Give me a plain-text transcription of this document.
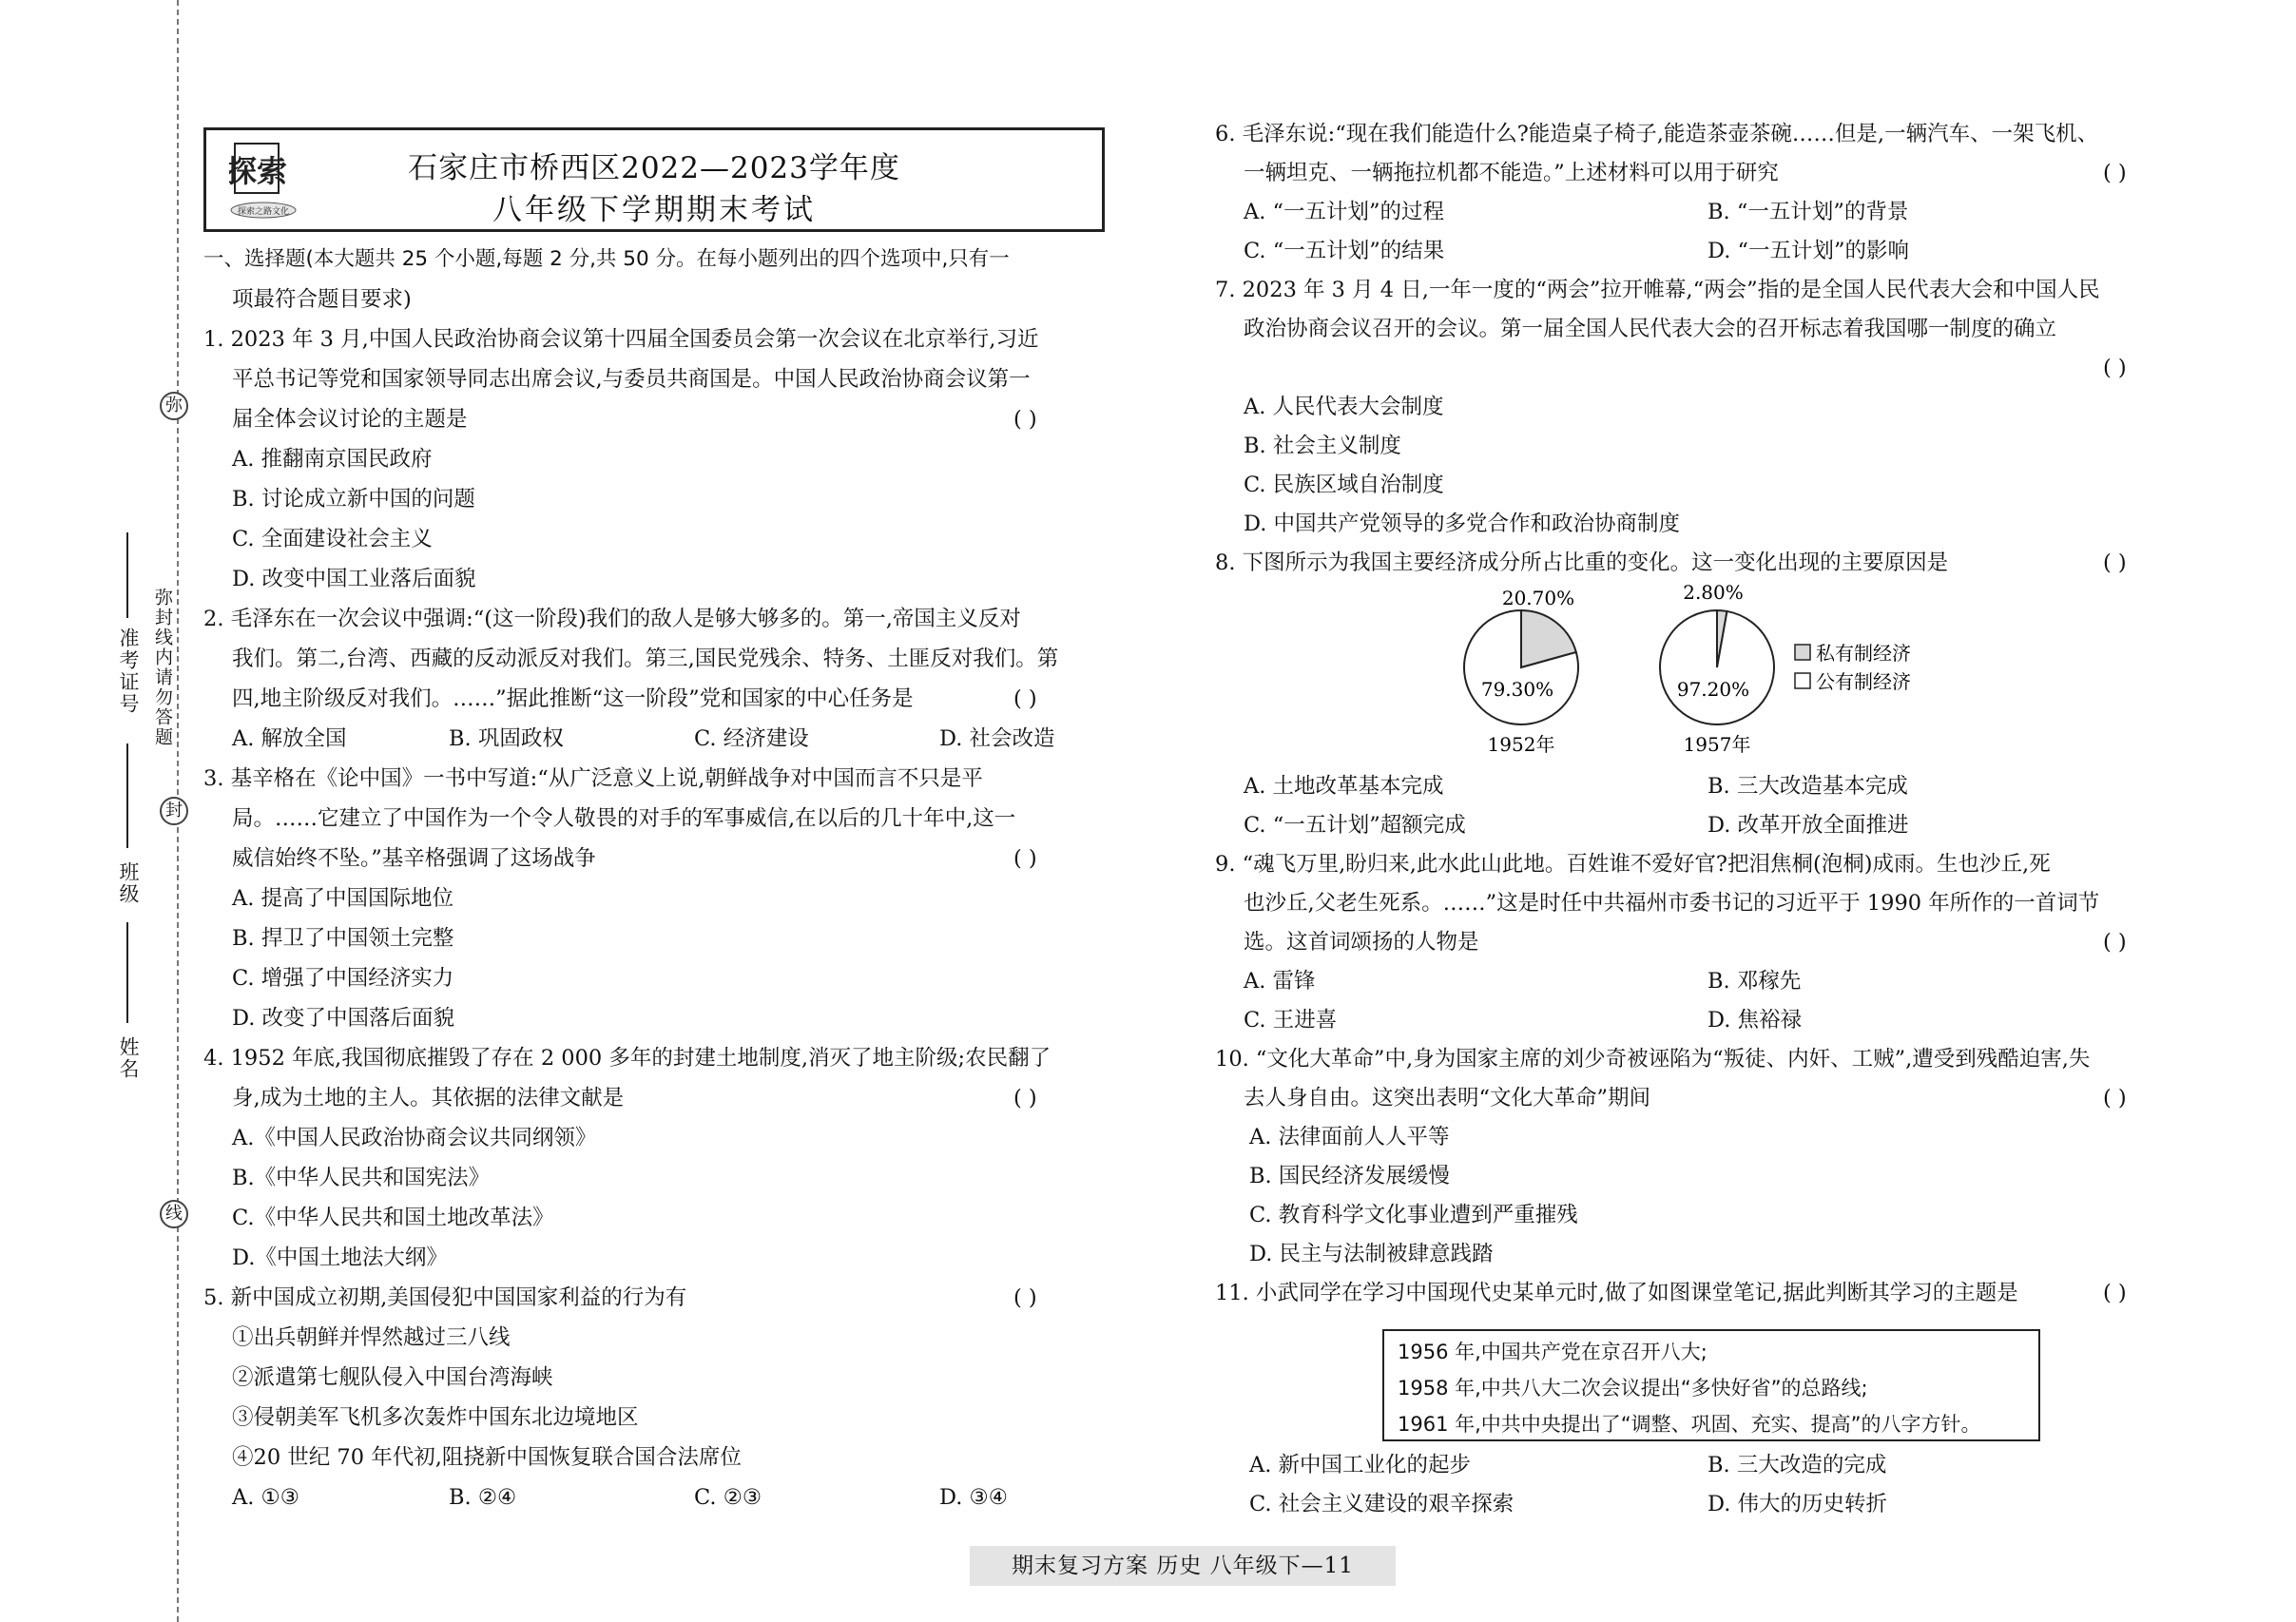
弥
封
线
弥封线内请勿答题
准考证号
班级
姓名
探索
探索之路文化
石家庄市桥西区2022—2023学年度
八年级下学期期末考试
一、选择题(本大题共 25 个小题,每题 2 分,共 50 分。在每小题列出的四个选项中,只有一
项最符合题目要求)
1. 2023 年 3 月,中国人民政治协商会议第十四届全国委员会第一次会议在北京举行,习近
平总书记等党和国家领导同志出席会议,与委员共商国是。中国人民政治协商会议第一
届全体会议讨论的主题是	( )
A. 推翻南京国民政府
B. 讨论成立新中国的问题
C. 全面建设社会主义
D. 改变中国工业落后面貌
2. 毛泽东在一次会议中强调:“(这一阶段)我们的敌人是够大够多的。第一,帝国主义反对
我们。第二,台湾、西藏的反动派反对我们。第三,国民党残余、特务、土匪反对我们。第
四,地主阶级反对我们。……”据此推断“这一阶段”党和国家的中心任务是	( )
A. 解放全国	B. 巩固政权	C. 经济建设	D. 社会改造
3. 基辛格在《论中国》一书中写道:“从广泛意义上说,朝鲜战争对中国而言不只是平
局。……它建立了中国作为一个令人敬畏的对手的军事威信,在以后的几十年中,这一
威信始终不坠。”基辛格强调了这场战争	( )
A. 提高了中国国际地位
B. 捍卫了中国领土完整
C. 增强了中国经济实力
D. 改变了中国落后面貌
4. 1952 年底,我国彻底摧毁了存在 2 000 多年的封建土地制度,消灭了地主阶级;农民翻了
身,成为土地的主人。其依据的法律文献是	( )
A.《中国人民政治协商会议共同纲领》
B.《中华人民共和国宪法》
C.《中华人民共和国土地改革法》
D.《中国土地法大纲》
5. 新中国成立初期,美国侵犯中国国家利益的行为有	( )
①出兵朝鲜并悍然越过三八线
②派遣第七舰队侵入中国台湾海峡
③侵朝美军飞机多次轰炸中国东北边境地区
④20 世纪 70 年代初,阻挠新中国恢复联合国合法席位
A. ①③	B. ②④	C. ②③	D. ③④
6. 毛泽东说:“现在我们能造什么?能造桌子椅子,能造茶壶茶碗……但是,一辆汽车、一架飞机、
一辆坦克、一辆拖拉机都不能造。”上述材料可以用于研究	( )
A. “一五计划”的过程	B. “一五计划”的背景
C. “一五计划”的结果	D. “一五计划”的影响
7. 2023 年 3 月 4 日,一年一度的“两会”拉开帷幕,“两会”指的是全国人民代表大会和中国人民
政治协商会议召开的会议。第一届全国人民代表大会的召开标志着我国哪一制度的确立
( )
A. 人民代表大会制度
B. 社会主义制度
C. 民族区域自治制度
D. 中国共产党领导的多党合作和政治协商制度
8. 下图所示为我国主要经济成分所占比重的变化。这一变化出现的主要原因是	( )
20.70%
79.30%
1952年
2.80%
97.20%
1957年
私有制经济
公有制经济
A. 土地改革基本完成	B. 三大改造基本完成
C. “一五计划”超额完成	D. 改革开放全面推进
9. “魂飞万里,盼归来,此水此山此地。百姓谁不爱好官?把泪焦桐(泡桐)成雨。生也沙丘,死
也沙丘,父老生死系。……”这是时任中共福州市委书记的习近平于 1990 年所作的一首词节
选。这首词颂扬的人物是	( )
A. 雷锋	B. 邓稼先
C. 王进喜	D. 焦裕禄
10. “文化大革命”中,身为国家主席的刘少奇被诬陷为“叛徒、内奸、工贼”,遭受到残酷迫害,失
去人身自由。这突出表明“文化大革命”期间	( )
A. 法律面前人人平等
B. 国民经济发展缓慢
C. 教育科学文化事业遭到严重摧残
D. 民主与法制被肆意践踏
11. 小武同学在学习中国现代史某单元时,做了如图课堂笔记,据此判断其学习的主题是	( )
A. 新中国工业化的起步	B. 三大改造的完成
C. 社会主义建设的艰辛探索	D. 伟大的历史转折
1956 年,中国共产党在京召开八大;
1958 年,中共八大二次会议提出“多快好省”的总路线;
1961 年,中共中央提出了“调整、巩固、充实、提高”的八字方针。
期末复习方案 历史 八年级下—11
